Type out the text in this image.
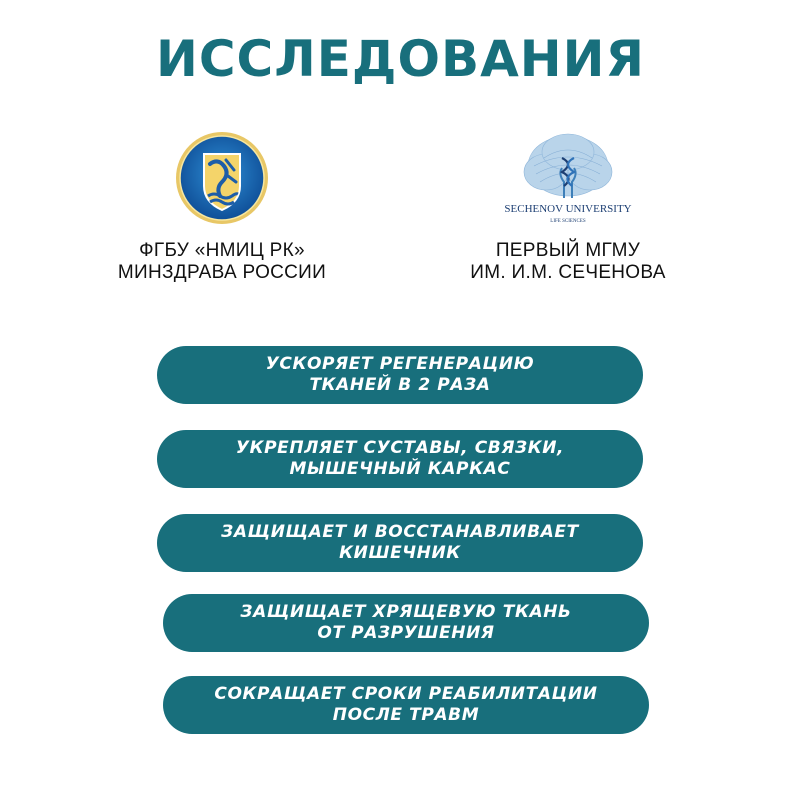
ИССЛЕДОВАНИЯ
ФГБУ «НМИЦ РК»
МИНЗДРАВА РОССИИ
SECHENOV UNIVERSITY
LIFE SCIENCES
ПЕРВЫЙ МГМУ
ИМ. И.М. СЕЧЕНОВА
УСКОРЯЕТ РЕГЕНЕРАЦИЮ
ТКАНЕЙ В 2 РАЗА
УКРЕПЛЯЕТ СУСТАВЫ, СВЯЗКИ,
МЫШЕЧНЫЙ КАРКАС
ЗАЩИЩАЕТ И ВОССТАНАВЛИВАЕТ
КИШЕЧНИК
ЗАЩИЩАЕТ ХРЯЩЕВУЮ ТКАНЬ
ОТ РАЗРУШЕНИЯ
СОКРАЩАЕТ СРОКИ РЕАБИЛИТАЦИИ
ПОСЛЕ ТРАВМ
